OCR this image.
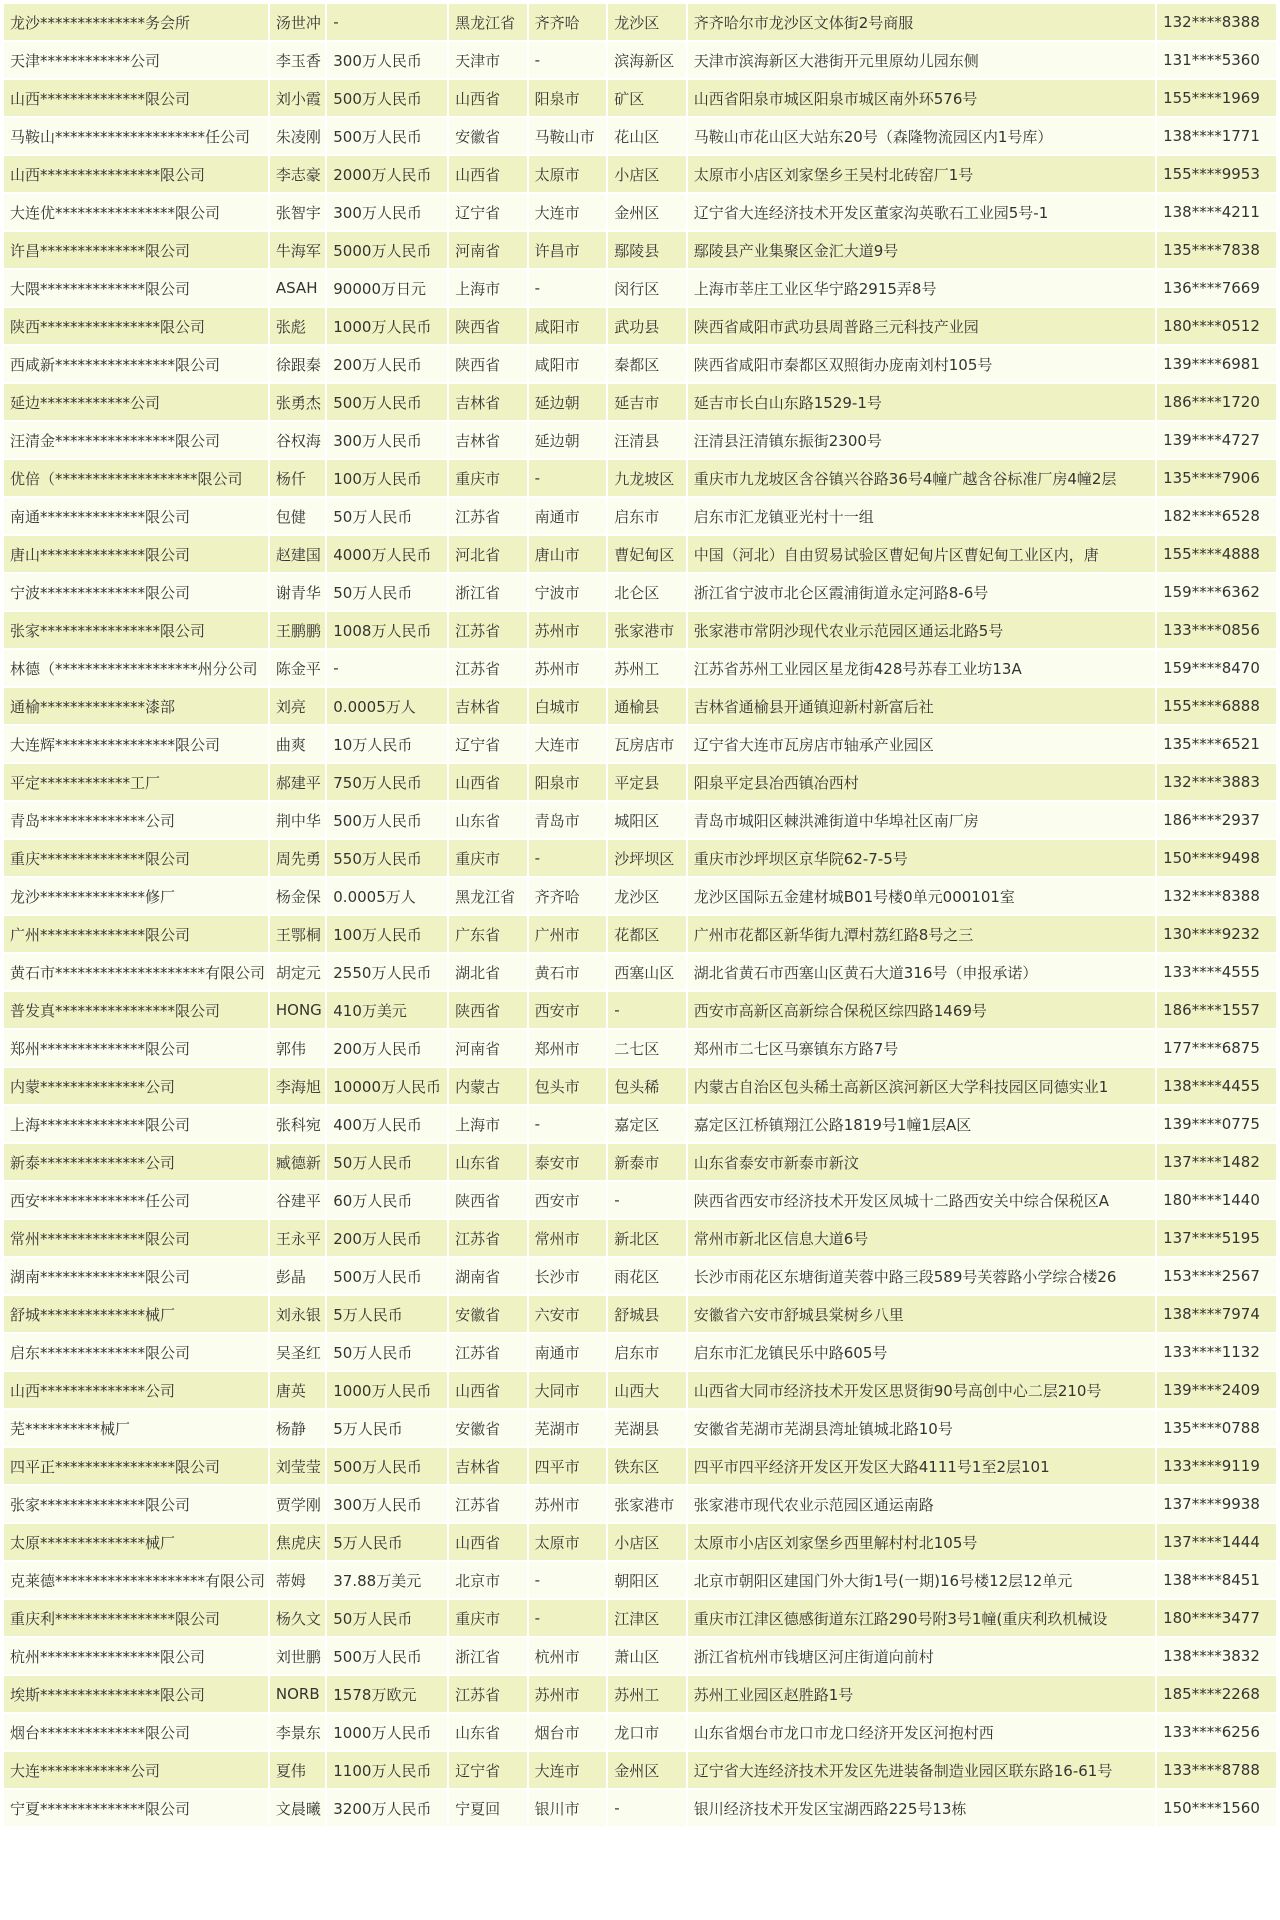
龙沙**************务会所	汤世冲	-	黑龙江省	齐齐哈	龙沙区	齐齐哈尔市龙沙区文体街2号商服	132****8388
天津************公司	李玉香	300万人民币	天津市	-	滨海新区	天津市滨海新区大港街开元里原幼儿园东侧	131****5360
山西**************限公司	刘小霞	500万人民币	山西省	阳泉市	矿区	山西省阳泉市城区阳泉市城区南外环576号	155****1969
马鞍山********************任公司	朱凌刚	500万人民币	安徽省	马鞍山市	花山区	马鞍山市花山区大站东20号（森隆物流园区内1号库）	138****1771
山西****************限公司	李志豪	2000万人民币	山西省	太原市	小店区	太原市小店区刘家堡乡王吴村北砖窑厂1号	155****9953
大连优****************限公司	张智宇	300万人民币	辽宁省	大连市	金州区	辽宁省大连经济技术开发区董家沟英歌石工业园5号-1	138****4211
许昌**************限公司	牛海军	5000万人民币	河南省	许昌市	鄢陵县	鄢陵县产业集聚区金汇大道9号	135****7838
大隈**************限公司	ASAH	90000万日元	上海市	-	闵行区	上海市莘庄工业区华宁路2915弄8号	136****7669
陕西****************限公司	张彪	1000万人民币	陕西省	咸阳市	武功县	陕西省咸阳市武功县周普路三元科技产业园	180****0512
西咸新****************限公司	徐跟秦	200万人民币	陕西省	咸阳市	秦都区	陕西省咸阳市秦都区双照街办庞南刘村105号	139****6981
延边************公司	张勇杰	500万人民币	吉林省	延边朝	延吉市	延吉市长白山东路1529-1号	186****1720
汪清金****************限公司	谷权海	300万人民币	吉林省	延边朝	汪清县	汪清县汪清镇东振街2300号	139****4727
优倍（*******************限公司	杨仟	100万人民币	重庆市	-	九龙坡区	重庆市九龙坡区含谷镇兴谷路36号4幢广越含谷标准厂房4幢2层	135****7906
南通**************限公司	包健	50万人民币	江苏省	南通市	启东市	启东市汇龙镇亚光村十一组	182****6528
唐山**************限公司	赵建国	4000万人民币	河北省	唐山市	曹妃甸区	中国（河北）自由贸易试验区曹妃甸片区曹妃甸工业区内，唐	155****4888
宁波**************限公司	谢青华	50万人民币	浙江省	宁波市	北仑区	浙江省宁波市北仑区霞浦街道永定河路8-6号	159****6362
张家****************限公司	王鹏鹏	1008万人民币	江苏省	苏州市	张家港市	张家港市常阴沙现代农业示范园区通运北路5号	133****0856
林德（*******************州分公司	陈金平	-	江苏省	苏州市	苏州工	江苏省苏州工业园区星龙街428号苏春工业坊13A	159****8470
通榆**************漆部	刘亮	0.0005万人	吉林省	白城市	通榆县	吉林省通榆县开通镇迎新村新富后社	155****6888
大连辉****************限公司	曲爽	10万人民币	辽宁省	大连市	瓦房店市	辽宁省大连市瓦房店市轴承产业园区	135****6521
平定************工厂	郝建平	750万人民币	山西省	阳泉市	平定县	阳泉平定县冶西镇冶西村	132****3883
青岛**************公司	荆中华	500万人民币	山东省	青岛市	城阳区	青岛市城阳区棘洪滩街道中华埠社区南厂房	186****2937
重庆**************限公司	周先勇	550万人民币	重庆市	-	沙坪坝区	重庆市沙坪坝区京华院62-7-5号	150****9498
龙沙**************修厂	杨金保	0.0005万人	黑龙江省	齐齐哈	龙沙区	龙沙区国际五金建材城B01号楼0单元000101室	132****8388
广州**************限公司	王鄂桐	100万人民币	广东省	广州市	花都区	广州市花都区新华街九潭村荔红路8号之三	130****9232
黄石市********************有限公司	胡定元	2550万人民币	湖北省	黄石市	西塞山区	湖北省黄石市西塞山区黄石大道316号（申报承诺）	133****4555
普发真****************限公司	HONG	410万美元	陕西省	西安市	-	西安市高新区高新综合保税区综四路1469号	186****1557
郑州**************限公司	郭伟	200万人民币	河南省	郑州市	二七区	郑州市二七区马寨镇东方路7号	177****6875
内蒙**************公司	李海旭	10000万人民币	内蒙古	包头市	包头稀	内蒙古自治区包头稀土高新区滨河新区大学科技园区同德实业1	138****4455
上海**************限公司	张科宛	400万人民币	上海市	-	嘉定区	嘉定区江桥镇翔江公路1819号1幢1层A区	139****0775
新泰**************公司	臧德新	50万人民币	山东省	泰安市	新泰市	山东省泰安市新泰市新汶	137****1482
西安**************任公司	谷建平	60万人民币	陕西省	西安市	-	陕西省西安市经济技术开发区凤城十二路西安关中综合保税区A	180****1440
常州**************限公司	王永平	200万人民币	江苏省	常州市	新北区	常州市新北区信息大道6号	137****5195
湖南**************限公司	彭晶	500万人民币	湖南省	长沙市	雨花区	长沙市雨花区东塘街道芙蓉中路三段589号芙蓉路小学综合楼26	153****2567
舒城**************械厂	刘永银	5万人民币	安徽省	六安市	舒城县	安徽省六安市舒城县棠树乡八里	138****7974
启东**************限公司	吴圣红	50万人民币	江苏省	南通市	启东市	启东市汇龙镇民乐中路605号	133****1132
山西**************公司	唐英	1000万人民币	山西省	大同市	山西大	山西省大同市经济技术开发区思贤街90号高创中心二层210号	139****2409
芜**********械厂	杨静	5万人民币	安徽省	芜湖市	芜湖县	安徽省芜湖市芜湖县湾址镇城北路10号	135****0788
四平正****************限公司	刘莹莹	500万人民币	吉林省	四平市	铁东区	四平市四平经济开发区开发区大路4111号1至2层101	133****9119
张家**************限公司	贾学刚	300万人民币	江苏省	苏州市	张家港市	张家港市现代农业示范园区通运南路	137****9938
太原**************械厂	焦虎庆	5万人民币	山西省	太原市	小店区	太原市小店区刘家堡乡西里解村村北105号	137****1444
克莱德********************有限公司	蒂姆	37.88万美元	北京市	-	朝阳区	北京市朝阳区建国门外大街1号(一期)16号楼12层12单元	138****8451
重庆利****************限公司	杨久文	50万人民币	重庆市	-	江津区	重庆市江津区德感街道东江路290号附3号1幢(重庆利玖机械设	180****3477
杭州****************限公司	刘世鹏	500万人民币	浙江省	杭州市	萧山区	浙江省杭州市钱塘区河庄街道向前村	138****3832
埃斯****************限公司	NORB	1578万欧元	江苏省	苏州市	苏州工	苏州工业园区赵胜路1号	185****2268
烟台**************限公司	李景东	1000万人民币	山东省	烟台市	龙口市	山东省烟台市龙口市龙口经济开发区河抱村西	133****6256
大连************公司	夏伟	1100万人民币	辽宁省	大连市	金州区	辽宁省大连经济技术开发区先进装备制造业园区联东路16-61号	133****8788
宁夏**************限公司	文晨曦	3200万人民币	宁夏回	银川市	-	银川经济技术开发区宝湖西路225号13栋	150****1560
